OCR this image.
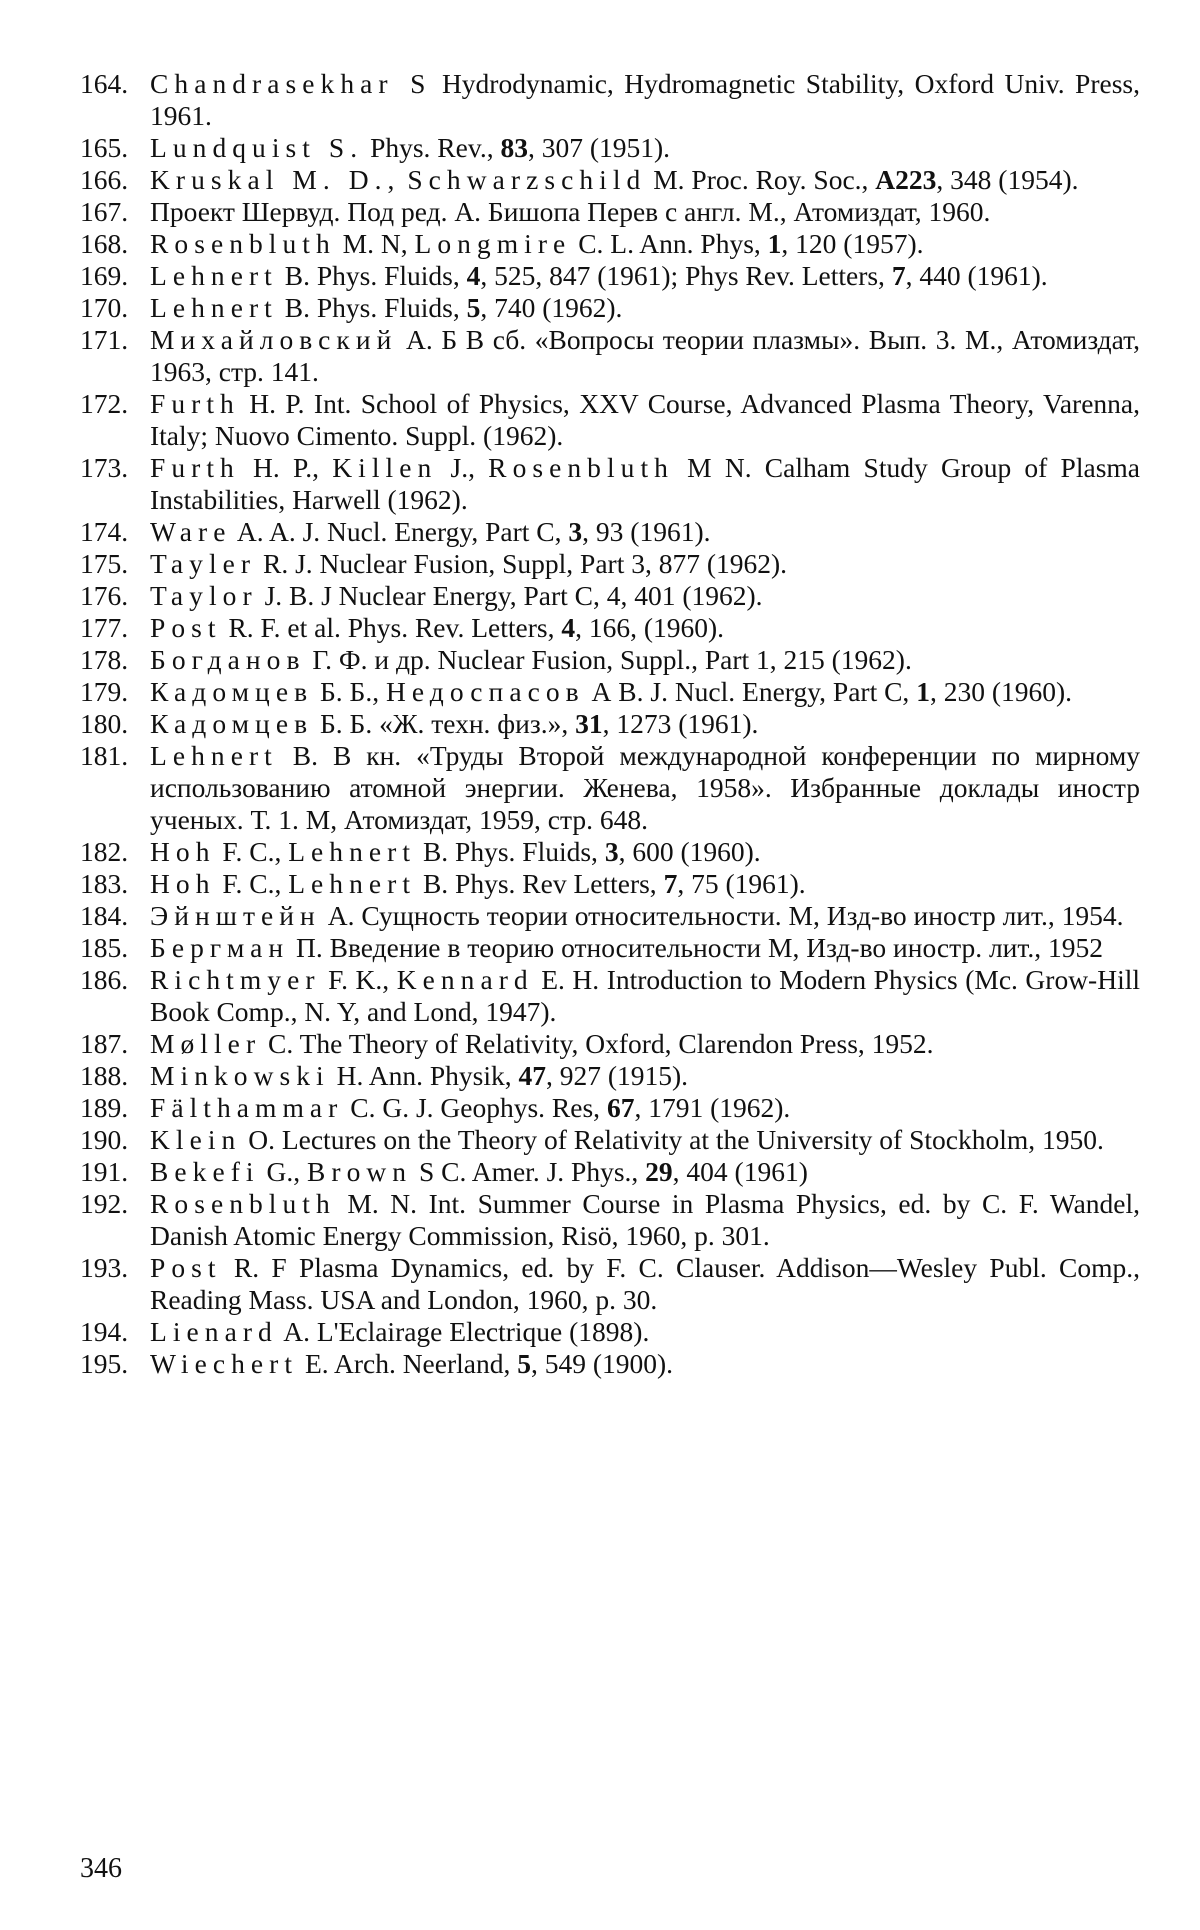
164. Chandrasekhar S Hydrodynamic, Hydromagnetic Stability, Oxford Univ. Press, 1961.

165. Lundquist S. Phys. Rev., 83, 307 (1951).

166. Kruskal M. D., Schwarzschild M. Proc. Roy. Soc., A223, 348 (1954).

167. Проект Шервуд. Под ред. А. Бишопа Перев с англ. М., Атомиздат, 1960.

168. Rosenbluth M. N, Longmire C. L. Ann. Phys, 1, 120 (1957).

169. Lehnert B. Phys. Fluids, 4, 525, 847 (1961); Phys Rev. Letters, 7, 440 (1961).

170. Lehnert B. Phys. Fluids, 5, 740 (1962).

171. Михайловский А. Б В сб. «Вопросы теории плазмы». Вып. 3. М., Атомиздат, 1963, стр. 141.

172. Furth H. P. Int. School of Physics, XXV Course, Advanced Plasma Theory, Varenna, Italy; Nuovo Cimento. Suppl. (1962).

173. Furth H. P., Killen J., Rosenbluth M N. Calham Study Group of Plasma Instabilities, Harwell (1962).

174. Ware A. A. J. Nucl. Energy, Part C, 3, 93 (1961).

175. Tayler R. J. Nuclear Fusion, Suppl, Part 3, 877 (1962).

176. Taylor J. B. J Nuclear Energy, Part C, 4, 401 (1962).

177. Post R. F. et al. Phys. Rev. Letters, 4, 166, (1960).

178. Богданов Г. Ф. и др. Nuclear Fusion, Suppl., Part 1, 215 (1962).

179. Кадомцев Б. Б., Недоспасов А В. J. Nucl. Energy, Part C, 1, 230 (1960).

180. Кадомцев Б. Б. «Ж. техн. физ.», 31, 1273 (1961).

181. Lehnert B. В кн. «Труды Второй международной конференции по мирному использованию атомной энергии. Женева, 1958». Избранные доклады иностр ученых. Т. 1. М, Атомиздат, 1959, стр. 648.

182. Hoh F. C., Lehnert B. Phys. Fluids, 3, 600 (1960).

183. Hoh F. C., Lehnert B. Phys. Rev Letters, 7, 75 (1961).

184. Эйнштейн А. Сущность теории относительности. М, Изд-во иностр лит., 1954.

185. Бергман П. Введение в теорию относительности М, Изд-во иностр. лит., 1952

186. Richtmyer F. K., Kennard E. H. Introduction to Modern Physics (Mc. Grow-Hill Book Comp., N. Y, and Lond, 1947).

187. Møller C. The Theory of Relativity, Oxford, Clarendon Press, 1952.

188. Minkowski H. Ann. Physik, 47, 927 (1915).

189. Fälthammar C. G. J. Geophys. Res, 67, 1791 (1962).

190. Klein O. Lectures on the Theory of Relativity at the University of Stockholm, 1950.

191. Bekefi G., Brown S C. Amer. J. Phys., 29, 404 (1961)

192. Rosenbluth M. N. Int. Summer Course in Plasma Physics, ed. by C. F. Wandel, Danish Atomic Energy Commission, Risö, 1960, p. 301.

193. Post R. F Plasma Dynamics, ed. by F. C. Clauser. Addison—Wesley Publ. Comp., Reading Mass. USA and London, 1960, p. 30.

194. Lienard A. L'Eclairage Electrique (1898).

195. Wiechert E. Arch. Neerland, 5, 549 (1900).

346
